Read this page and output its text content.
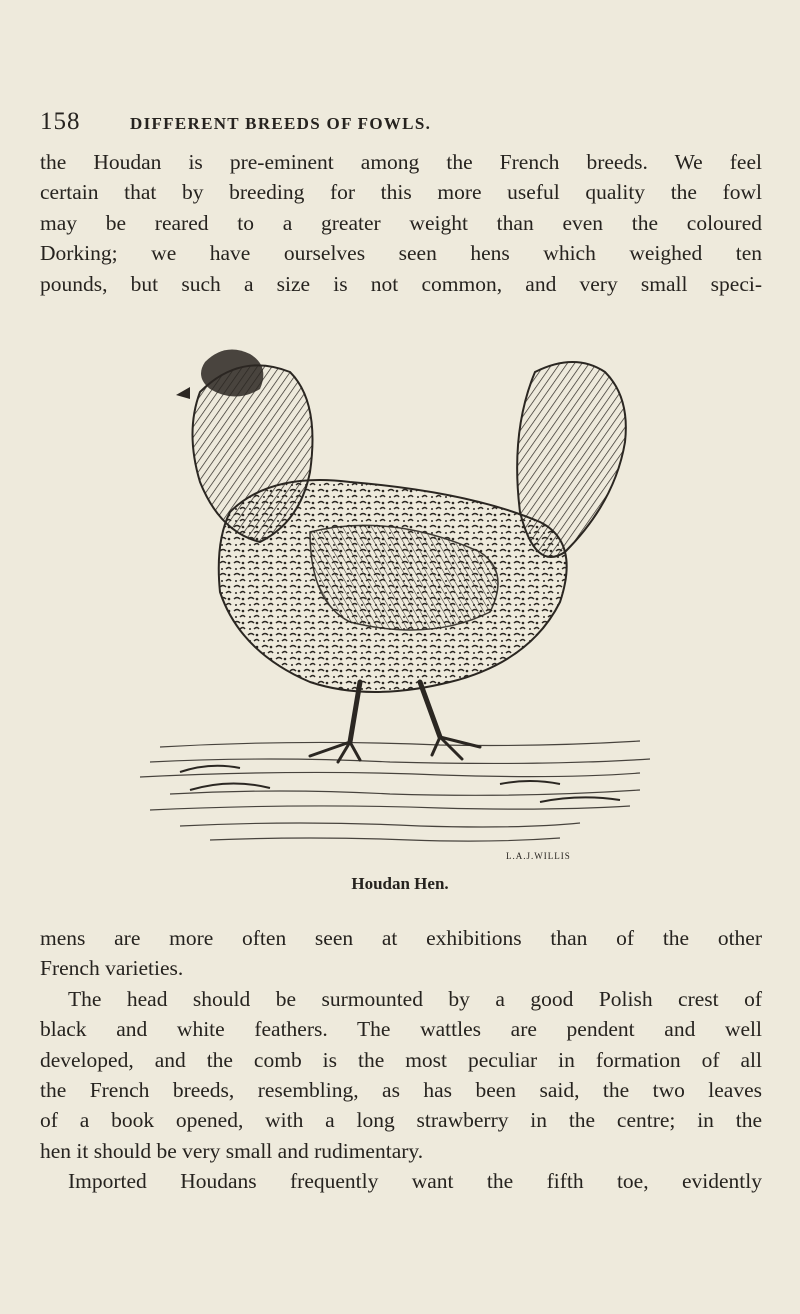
158	DIFFERENT BREEDS OF FOWLS.
the Houdan is pre-eminent among the French breeds. We feel
certain that by breeding for this more useful quality the fowl
may be reared to a greater weight than even the coloured
Dorking; we have ourselves seen hens which weighed ten
pounds, but such a size is not common, and very small speci-
L.A.J.WILLIS
Houdan Hen.
mens are more often seen at exhibitions than of the other
French varieties.
The head should be surmounted by a good Polish crest of
black and white feathers. The wattles are pendent and well
developed, and the comb is the most peculiar in formation of all
the French breeds, resembling, as has been said, the two leaves
of a book opened, with a long strawberry in the centre; in the
hen it should be very small and rudimentary.
Imported Houdans frequently want the fifth toe, evidently
